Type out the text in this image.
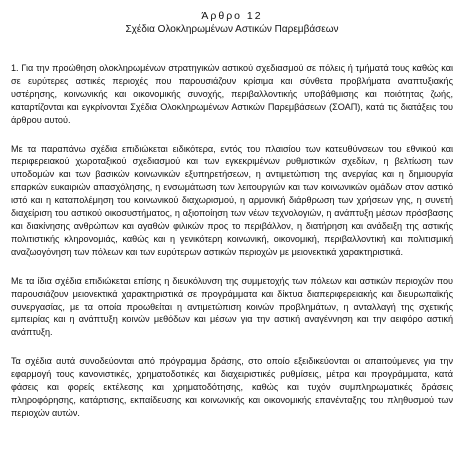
Άρθρο 12

Σχέδια Ολοκληρωμένων Αστικών Παρεμβάσεων

1. Για την προώθηση ολοκληρωμένων στρατηγικών αστικού σχεδιασμού σε πόλεις ή τμήματά τους καθώς και σε ευρύτερες αστικές περιοχές που παρουσιάζουν κρίσιμα και σύνθετα προβλήματα αναπτυξιακής υστέρησης, κοινωνικής και οικονομικής συνοχής, περιβαλλοντικής υποβάθμισης και ποιότητας ζωής, καταρτίζονται και εγκρίνονται Σχέδια Ολοκληρωμένων Αστικών Παρεμβάσεων (ΣΟΑΠ), κατά τις διατάξεις του άρθρου αυτού.

Με τα παραπάνω σχέδια επιδιώκεται ειδικότερα, εντός του πλαισίου των κατευθύνσεων του εθνικού και περιφερειακού χωροταξικού σχεδιασμού και των εγκεκριμένων ρυθμιστικών σχεδίων, η βελτίωση των υποδομών και των βασικών κοινωνικών εξυπηρετήσεων, η αντιμετώπιση της ανεργίας και η δημιουργία επαρκών ευκαιριών απασχόλησης, η ενσωμάτωση των λειτουργιών και των κοινωνικών ομάδων στον αστικό ιστό και η καταπολέμηση του κοινωνικού διαχωρισμού, η αρμονική διάρθρωση των χρήσεων γης, η συνετή διαχείριση του αστικού οικοσυστήματος, η αξιοποίηση των νέων τεχνολογιών, η ανάπτυξη μέσων πρόσβασης και διακίνησης ανθρώπων και αγαθών φιλικών προς το περιβάλλον, η διατήρηση και ανάδειξη της αστικής πολιτιστικής κληρονομιάς, καθώς και η γενικότερη κοινωνική, οικονομική, περιβαλλοντική και πολιτισμική αναζωογόνηση των πόλεων και των ευρύτερων αστικών περιοχών με μειονεκτικά χαρακτηριστικά.

Με τα ίδια σχέδια επιδιώκεται επίσης η διευκόλυνση της συμμετοχής των πόλεων και αστικών περιοχών που παρουσιάζουν μειονεκτικά χαρακτηριστικά σε προγράμματα και δίκτυα διαπεριφερειακής και διευρωπαϊκής συνεργασίας, με τα οποία προωθείται η αντιμετώπιση κοινών προβλημάτων, η ανταλλαγή της σχετικής εμπειρίας και η ανάπτυξη κοινών μεθόδων και μέσων για την αστική αναγέννηση και την αειφόρο αστική ανάπτυξη.

Τα σχέδια αυτά συνοδεύονται από πρόγραμμα δράσης, στο οποίο εξειδικεύονται οι απαιτούμενες για την εφαρμογή τους κανονιστικές, χρηματοδοτικές και διαχειριστικές ρυθμίσεις, μέτρα και προγράμματα, κατά φάσεις και φορείς εκτέλεσης και χρηματοδότησης, καθώς και τυχόν συμπληρωματικές δράσεις πληροφόρησης, κατάρτισης, εκπαίδευσης και κοινωνικής και οικονομικής επανένταξης του πληθυσμού των περιοχών αυτών.
